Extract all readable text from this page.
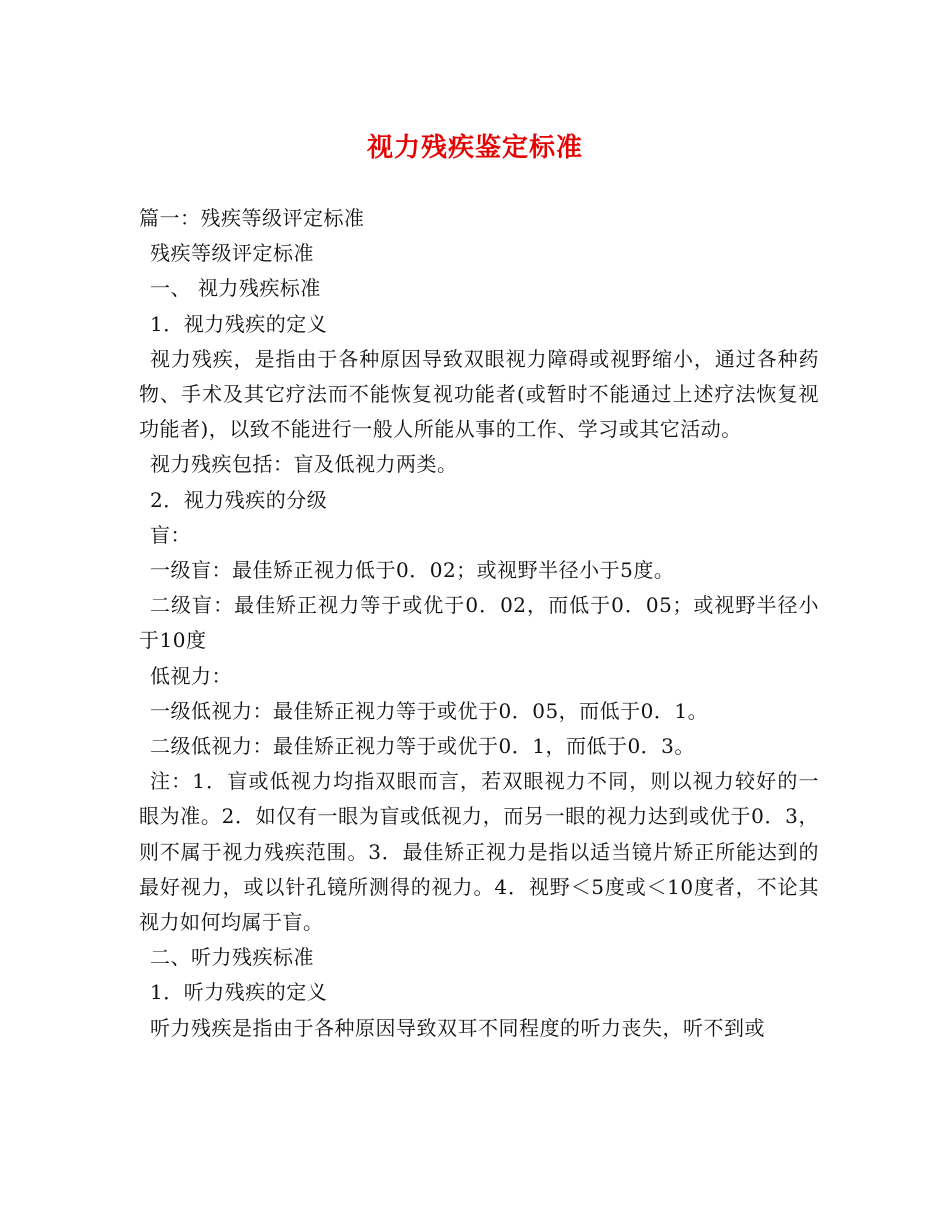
视力残疾鉴定标准

篇一：残疾等级评定标准

残疾等级评定标准

一、 视力残疾标准

1．视力残疾的定义

视力残疾，是指由于各种原因导致双眼视力障碍或视野缩小，通过各种药物、手术及其它疗法而不能恢复视功能者(或暂时不能通过上述疗法恢复视功能者)，以致不能进行一般人所能从事的工作、学习或其它活动。

视力残疾包括：盲及低视力两类。

2．视力残疾的分级

盲：

一级盲：最佳矫正视力低于0．02；或视野半径小于5度。

二级盲：最佳矫正视力等于或优于0．02，而低于0．05；或视野半径小于10度

低视力：

一级低视力：最佳矫正视力等于或优于0．05，而低于0．1。

二级低视力：最佳矫正视力等于或优于0．1，而低于0．3。

注：1．盲或低视力均指双眼而言，若双眼视力不同，则以视力较好的一眼为准。2．如仅有一眼为盲或低视力，而另一眼的视力达到或优于0．3，则不属于视力残疾范围。3．最佳矫正视力是指以适当镜片矫正所能达到的最好视力，或以针孔镜所测得的视力。4．视野＜5度或＜10度者，不论其视力如何均属于盲。

二、听力残疾标准

1．听力残疾的定义

听力残疾是指由于各种原因导致双耳不同程度的听力丧失，听不到或
